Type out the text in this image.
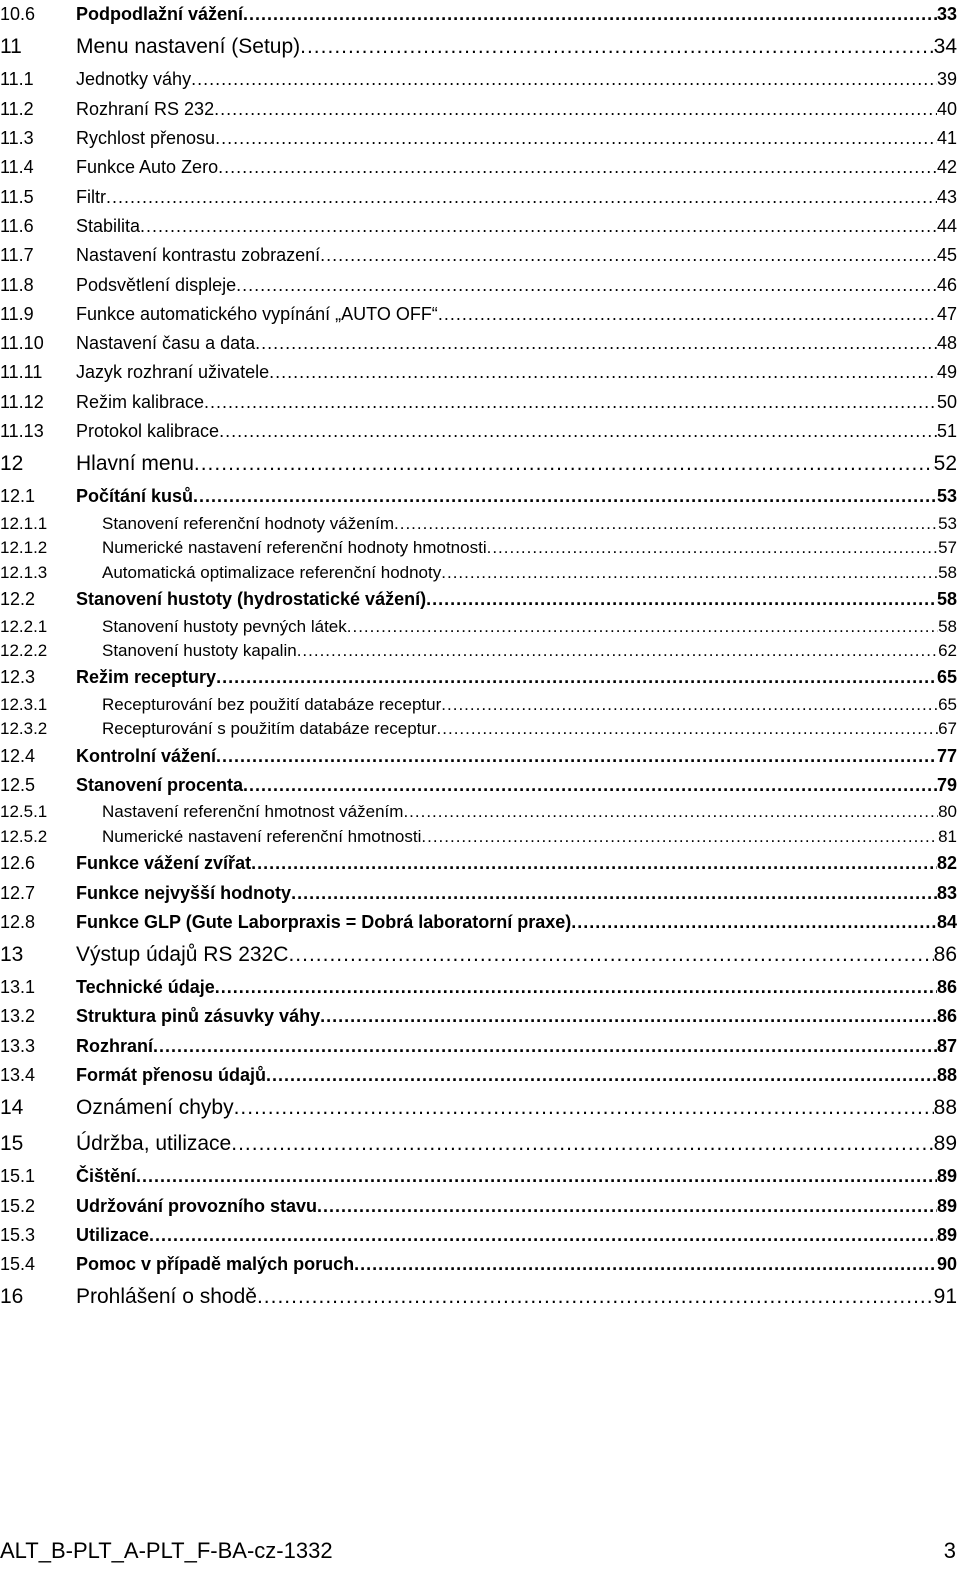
10.6	Podpodlažní vážení .....	33
11	Menu nastavení (Setup) .....	34
11.1	Jednotky váhy .....	39
11.2	Rozhraní RS 232 .....	40
11.3	Rychlost přenosu .....	41
11.4	Funkce Auto Zero .....	42
11.5	Filtr .....	43
11.6	Stabilita .....	44
11.7	Nastavení kontrastu zobrazení .....	45
11.8	Podsvětlení displeje .....	46
11.9	Funkce automatického vypínání „AUTO OFF“ .....	47
11.10	Nastavení času a data .....	48
11.11	Jazyk rozhraní uživatele .....	49
11.12	Režim kalibrace .....	50
11.13	Protokol kalibrace .....	51
12	Hlavní menu .....	52
12.1	Počítání kusů .....	53
12.1.1	Stanovení referenční hodnoty vážením .....	53
12.1.2	Numerické nastavení referenční hodnoty hmotnosti .....	57
12.1.3	Automatická optimalizace referenční hodnoty .....	58
12.2	Stanovení hustoty (hydrostatické vážení) .....	58
12.2.1	Stanovení hustoty pevných látek .....	58
12.2.2	Stanovení hustoty kapalin .....	62
12.3	Režim receptury .....	65
12.3.1	Recepturování bez použití databáze receptur .....	65
12.3.2	Recepturování s použitím databáze receptur .....	67
12.4	Kontrolní vážení .....	77
12.5	Stanovení procenta .....	79
12.5.1	Nastavení referenční hmotnost vážením .....	80
12.5.2	Numerické nastavení referenční hmotnosti .....	81
12.6	Funkce vážení zvířat .....	82
12.7	Funkce nejvyšší hodnoty .....	83
12.8	Funkce GLP (Gute Laborpraxis = Dobrá laboratorní praxe) .....	84
13	Výstup údajů RS 232C .....	86
13.1	Technické údaje .....	86
13.2	Struktura pinů zásuvky váhy .....	86
13.3	Rozhraní .....	87
13.4	Formát přenosu údajů .....	88
14	Oznámení chyby .....	88
15	Údržba, utilizace .....	89
15.1	Čištění .....	89
15.2	Udržování provozního stavu .....	89
15.3	Utilizace .....	89
15.4	Pomoc v případě malých poruch .....	90
16	Prohlášení o shodě .....	91
ALT_B-PLT_A-PLT_F-BA-cz-1332	3
